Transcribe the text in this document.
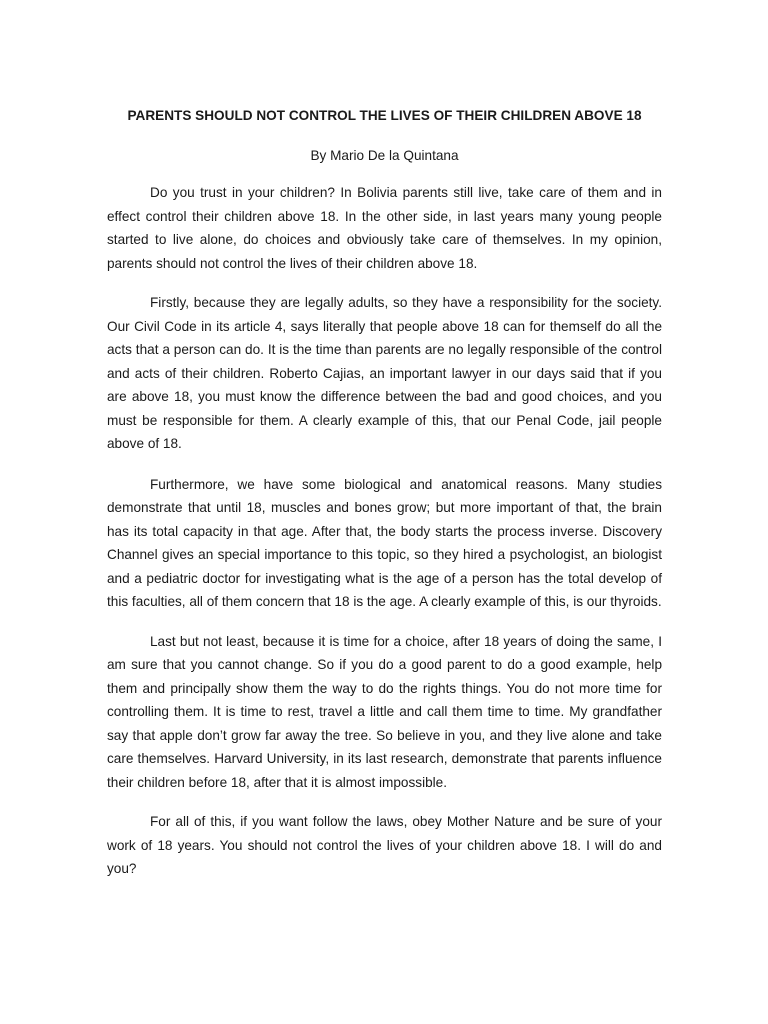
PARENTS SHOULD NOT CONTROL THE LIVES OF THEIR CHILDREN ABOVE 18

By Mario De la Quintana

Do you trust in your children? In Bolivia parents still live, take care of them and in effect control their children above 18. In the other side, in last years many young people started to live alone, do choices and obviously take care of themselves. In my opinion, parents should not control the lives of their children above 18.

Firstly, because they are legally adults, so they have a responsibility for the society. Our Civil Code in its article 4, says literally that people above 18 can for themself do all the acts that a person can do. It is the time than parents are no legally responsible of the control and acts of their children. Roberto Cajias, an important lawyer in our days said that if you are above 18, you must know the difference between the bad and good choices, and you must be responsible for them. A clearly example of this, that our Penal Code, jail people above of 18.

Furthermore, we have some biological and anatomical reasons. Many studies demonstrate that until 18, muscles and bones grow; but more important of that, the brain has its total capacity in that age. After that, the body starts the process inverse. Discovery Channel gives an special importance to this topic, so they hired a psychologist, an biologist and a pediatric doctor for investigating what is the age of a person has the total develop of this faculties, all of them concern that 18 is the age. A clearly example of this, is our thyroids.

Last but not least, because it is time for a choice, after 18 years of doing the same, I am sure that you cannot change. So if you do a good parent to do a good example, help them and principally show them the way to do the rights things. You do not more time for controlling them. It is time to rest, travel a little and call them time to time. My grandfather say that apple don’t grow far away the tree. So believe in you, and they live alone and take care themselves. Harvard University, in its last research, demonstrate that parents influence their children before 18, after that it is almost impossible.

For all of this, if you want follow the laws, obey Mother Nature and be sure of your work of 18 years. You should not control the lives of your children above 18. I will do and you?
